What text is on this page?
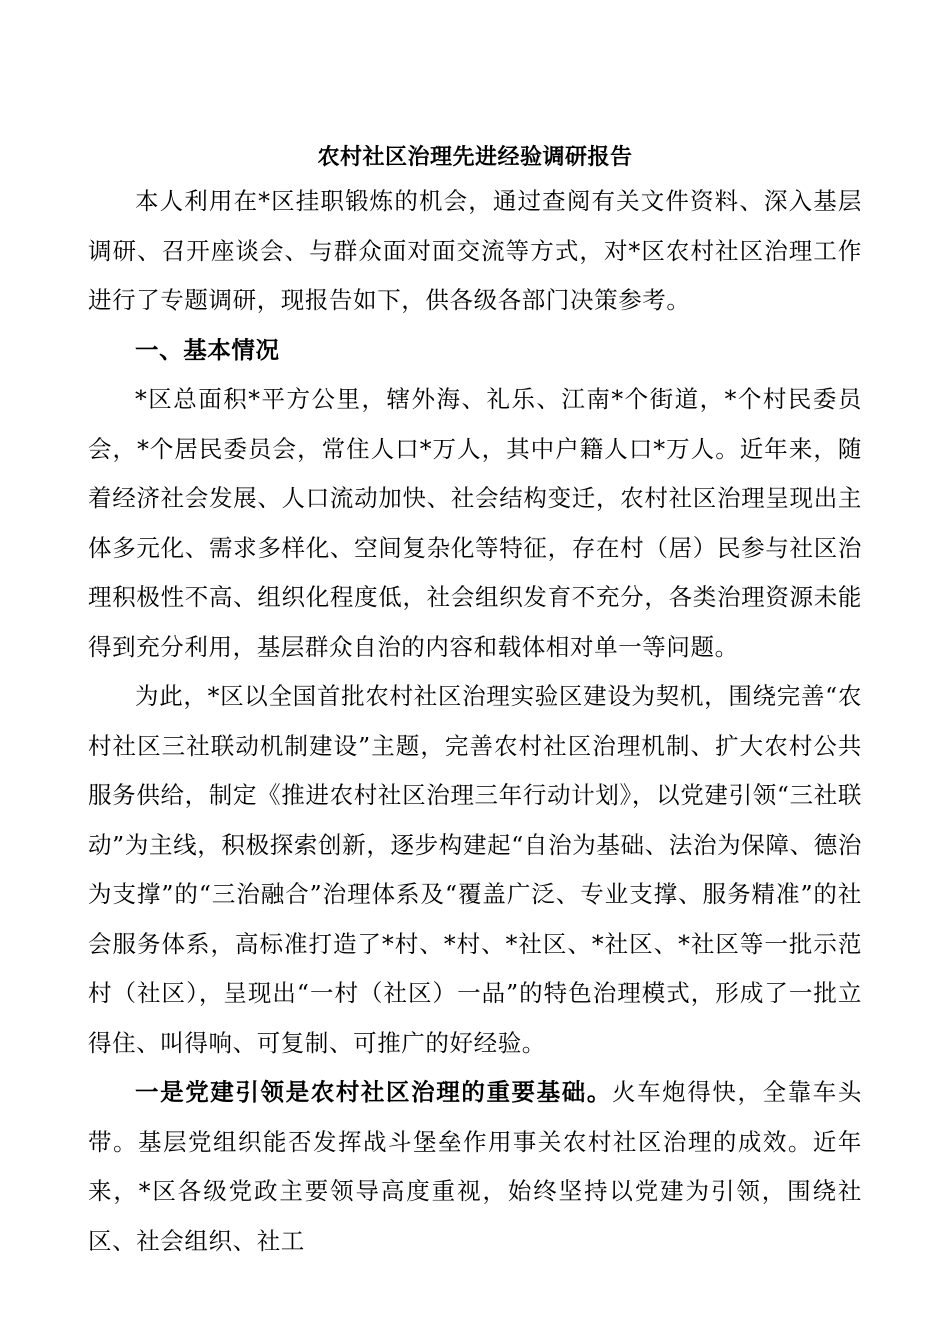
农村社区治理先进经验调研报告

本人利用在*区挂职锻炼的机会，通过查阅有关文件资料、深入基层调研、召开座谈会、与群众面对面交流等方式，对*区农村社区治理工作进行了专题调研，现报告如下，供各级各部门决策参考。

一、基本情况

*区总面积*平方公里，辖外海、礼乐、江南*个街道，*个村民委员会，*个居民委员会，常住人口*万人，其中户籍人口*万人。近年来，随着经济社会发展、人口流动加快、社会结构变迁，农村社区治理呈现出主体多元化、需求多样化、空间复杂化等特征，存在村（居）民参与社区治理积极性不高、组织化程度低，社会组织发育不充分，各类治理资源未能得到充分利用，基层群众自治的内容和载体相对单一等问题。

为此，*区以全国首批农村社区治理实验区建设为契机，围绕完善“农村社区三社联动机制建设”主题，完善农村社区治理机制、扩大农村公共服务供给，制定《推进农村社区治理三年行动计划》，以党建引领“三社联动”为主线，积极探索创新，逐步构建起“自治为基础、法治为保障、德治为支撑”的“三治融合”治理体系及“覆盖广泛、专业支撑、服务精准”的社会服务体系，高标准打造了*村、*村、*社区、*社区、*社区等一批示范村（社区），呈现出“一村（社区）一品”的特色治理模式，形成了一批立得住、叫得响、可复制、可推广的好经验。

一是党建引领是农村社区治理的重要基础。火车炮得快，全靠车头带。基层党组织能否发挥战斗堡垒作用事关农村社区治理的成效。近年来，*区各级党政主要领导高度重视，始终坚持以党建为引领，围绕社区、社会组织、社工
